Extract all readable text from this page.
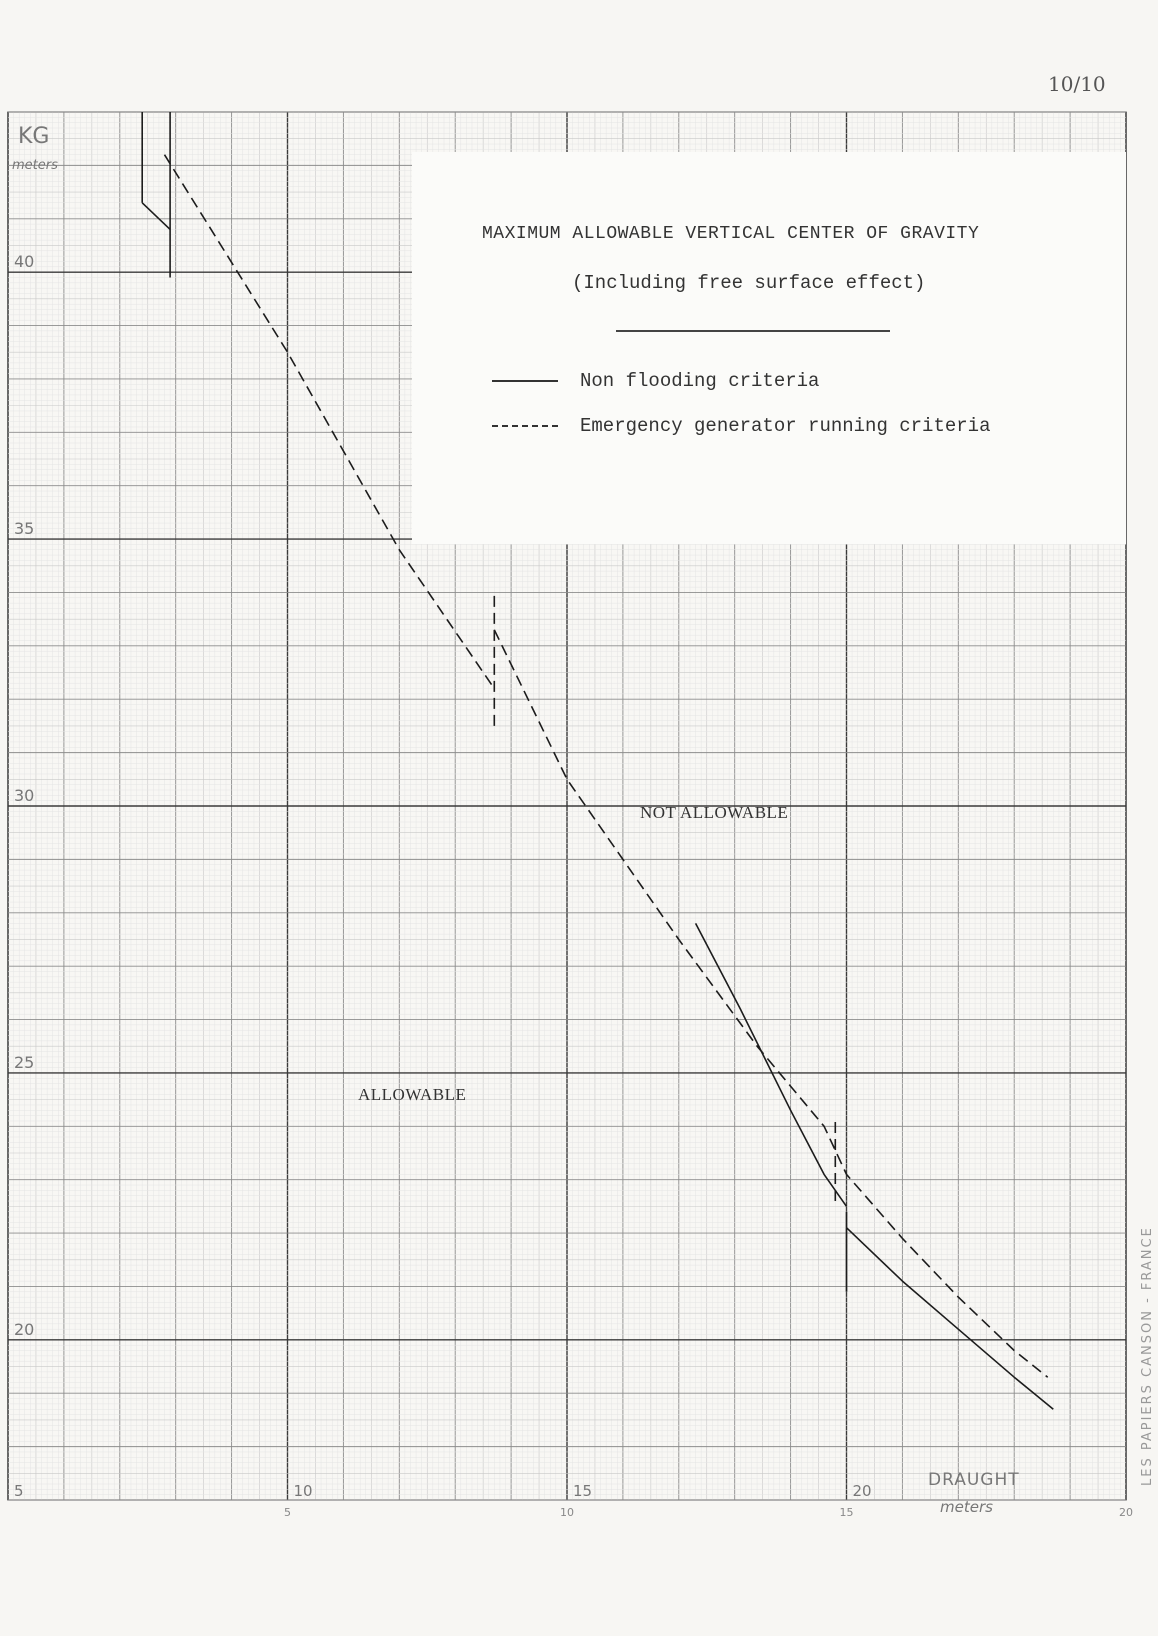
10/10
40
35
30
25
20
5	10	15	20
5	10	15	20
MAXIMUM ALLOWABLE VERTICAL CENTER OF GRAVITY
(Including free surface effect)
Non flooding criteria
Emergency generator running criteria
NOT ALLOWABLE
ALLOWABLE
KG
meters
DRAUGHT
meters
LES PAPIERS CANSON - FRANCE
